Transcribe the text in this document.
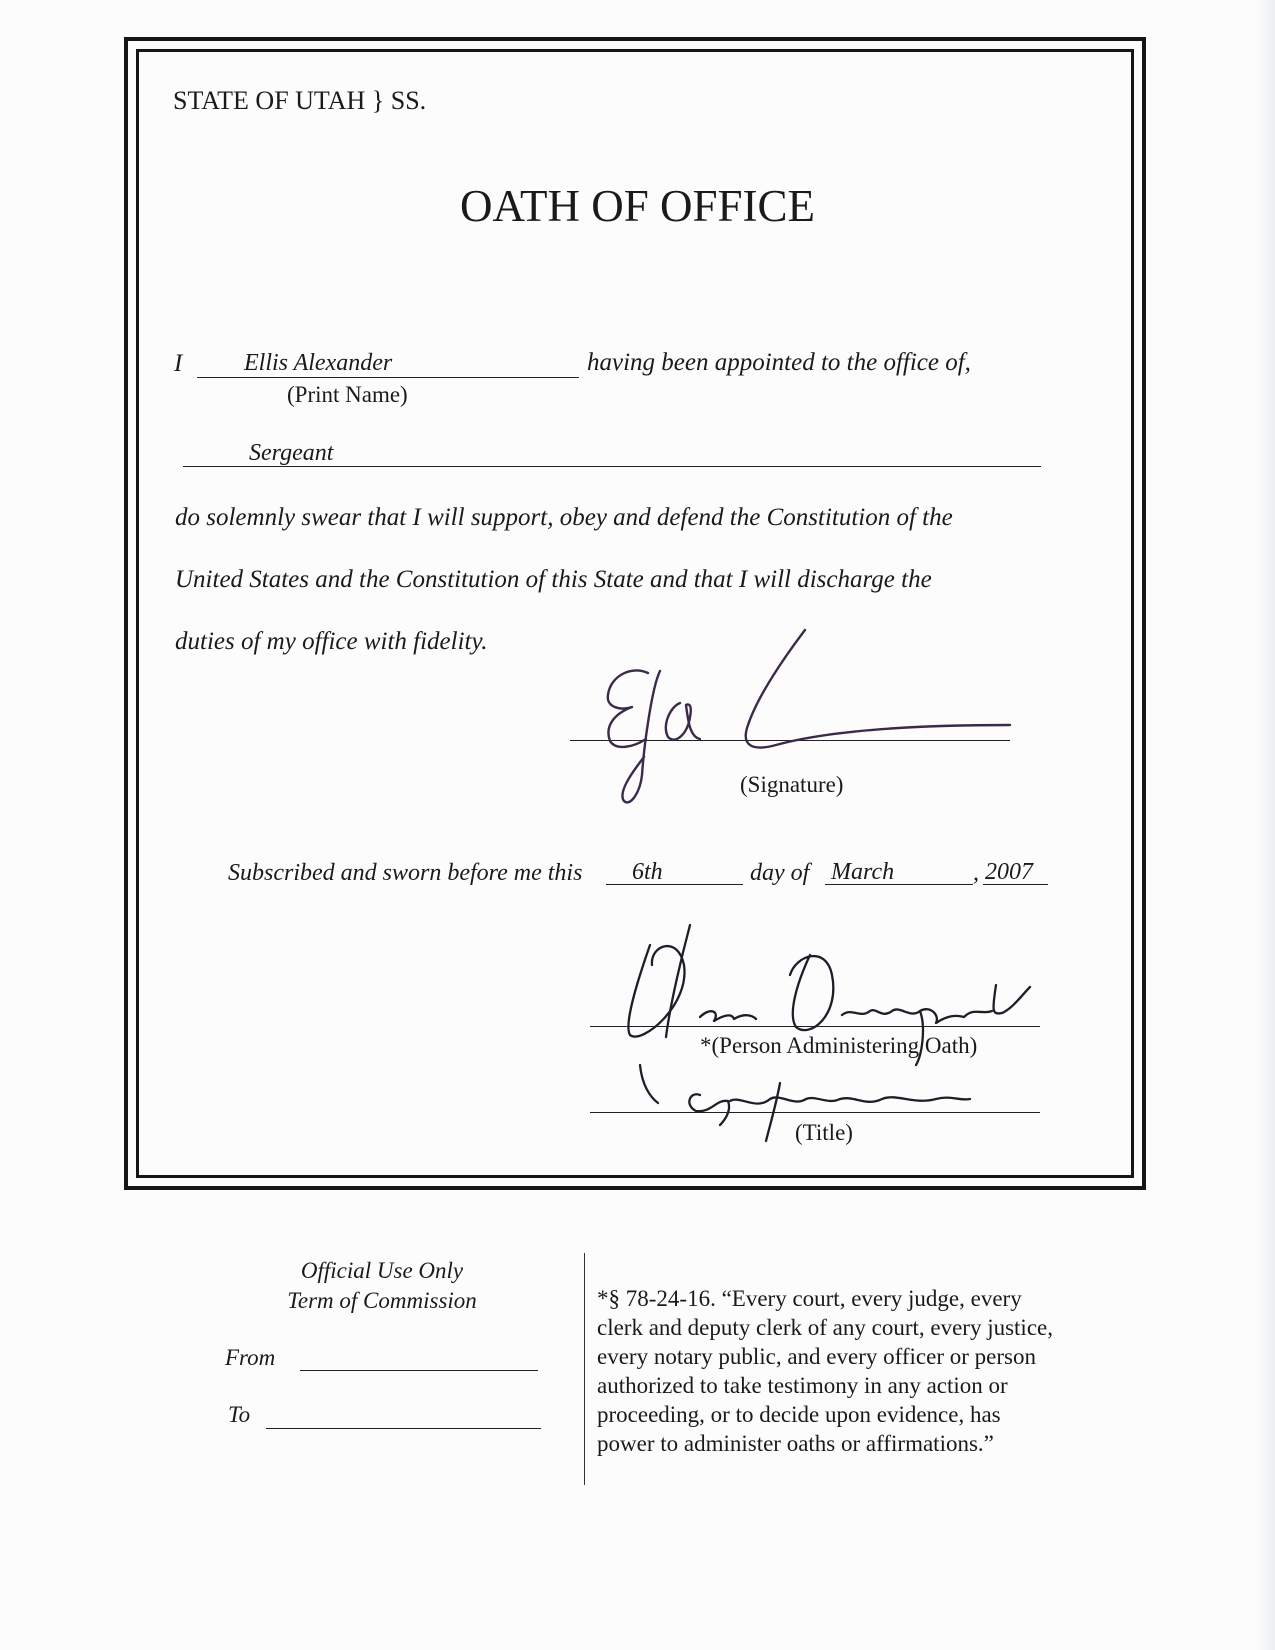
STATE OF UTAH } SS.
OATH OF OFFICE
I	Ellis Alexander	having been appointed to the office of,
(Print Name)
Sergeant
do solemnly swear that I will support, obey and defend the Constitution of the
United States and the Constitution of this State and that I will discharge the
duties of my office with fidelity.
(Signature)
Subscribed and sworn before me this 6th	day of March	, 2007
*(Person Administering Oath)
(Title)
Official Use Only
Term of Commission
From
To
*§ 78-24-16. “Every court, every judge, every
clerk and deputy clerk of any court, every justice,
every notary public, and every officer or person
authorized to take testimony in any action or
proceeding, or to decide upon evidence, has
power to administer oaths or affirmations.”
